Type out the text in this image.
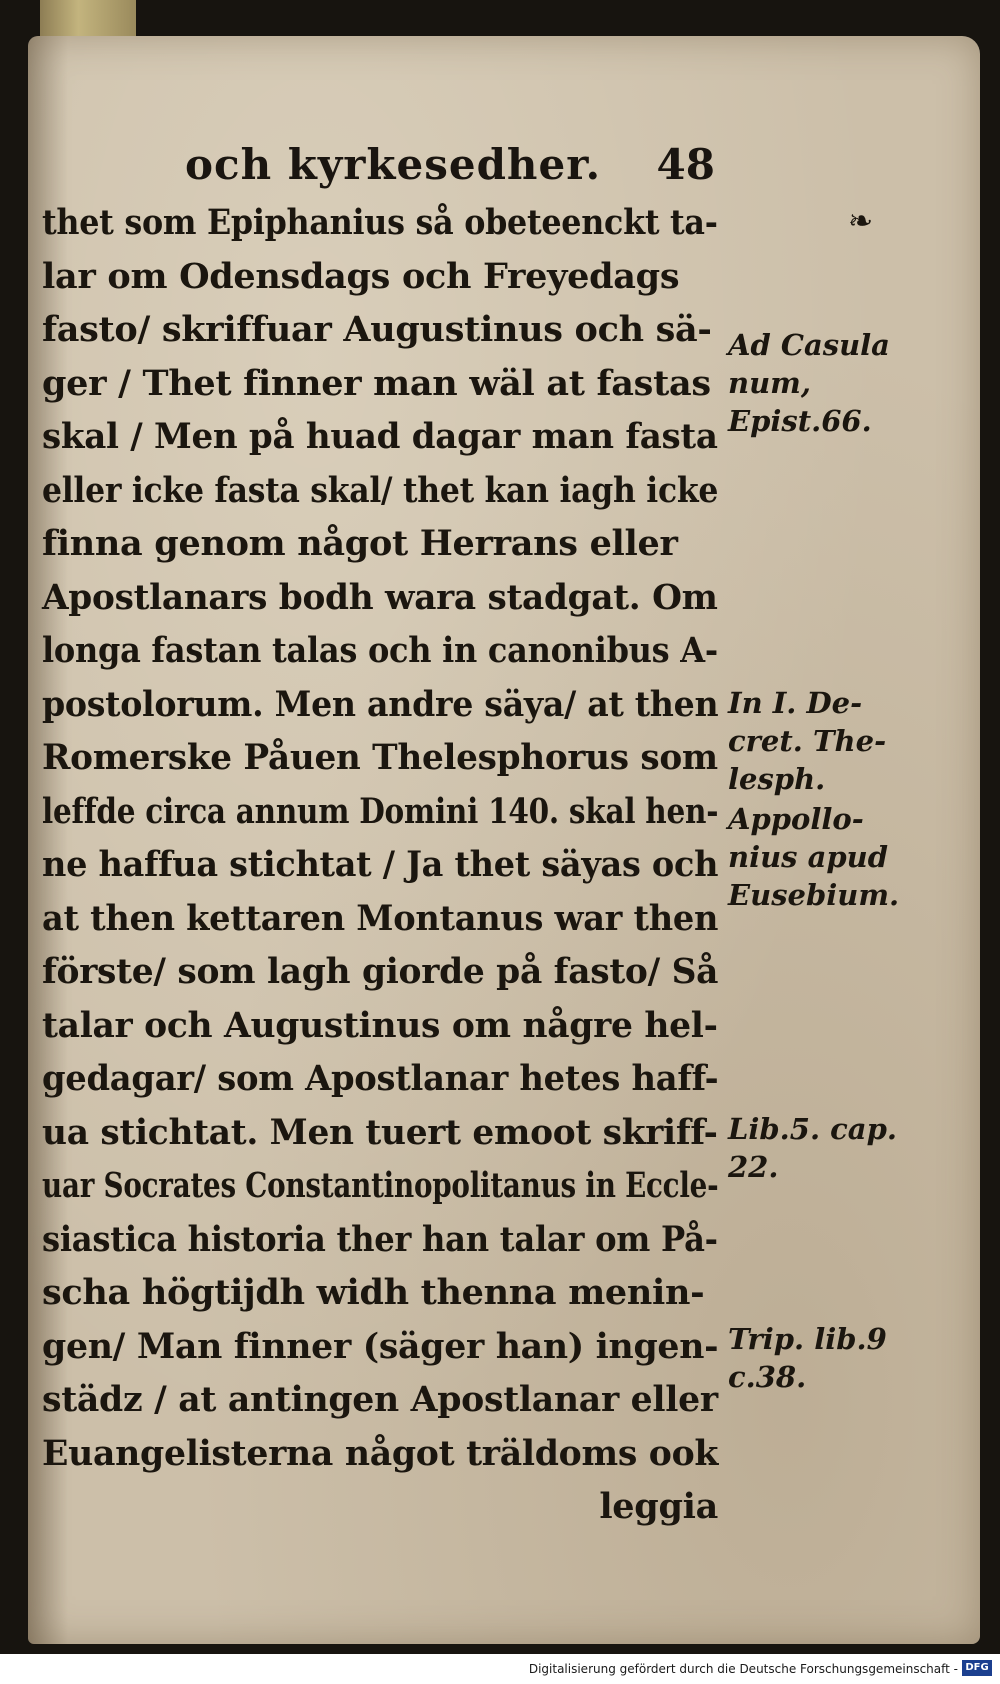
och kyrkesedher. 48
❧
thet som Epiphanius så obeteenckt ta-
lar om Odensdags och Freyedags
fasto/ skriffuar Augustinus och sä-
ger / Thet finner man wäl at fastas
skal / Men på huad dagar man fasta
eller icke fasta skal/ thet kan iagh icke
finna genom något Herrans eller
Apostlanars bodh wara stadgat. Om
longa fastan talas och in canonibus A-
postolorum. Men andre säya/ at then
Romerske Påuen Thelesphorus som
leffde circa annum Domini 140. skal hen-
ne haffua stichtat / Ja thet säyas och
at then kettaren Montanus war then
förste/ som lagh giorde på fasto/ Så
talar och Augustinus om någre hel-
gedagar/ som Apostlanar hetes haff-
ua stichtat. Men tuert emoot skriff-
uar Socrates Constantinopolitanus in Eccle-
siastica historia ther han talar om På-
scha högtijdh widh thenna menin-
gen/ Man finner (säger han) ingen-
städz / at antingen Apostlanar eller
Euangelisterna något träldoms ook
leggia
Ad Casula
num,
Epist.66.
In I. De-
cret. The-
lesph.
Appollo-
nius apud
Eusebium.
Lib.5. cap.
22.
Trip. lib.9
c.38.
Digitalisierung gefördert durch die Deutsche Forschungsgemeinschaft - DFG
